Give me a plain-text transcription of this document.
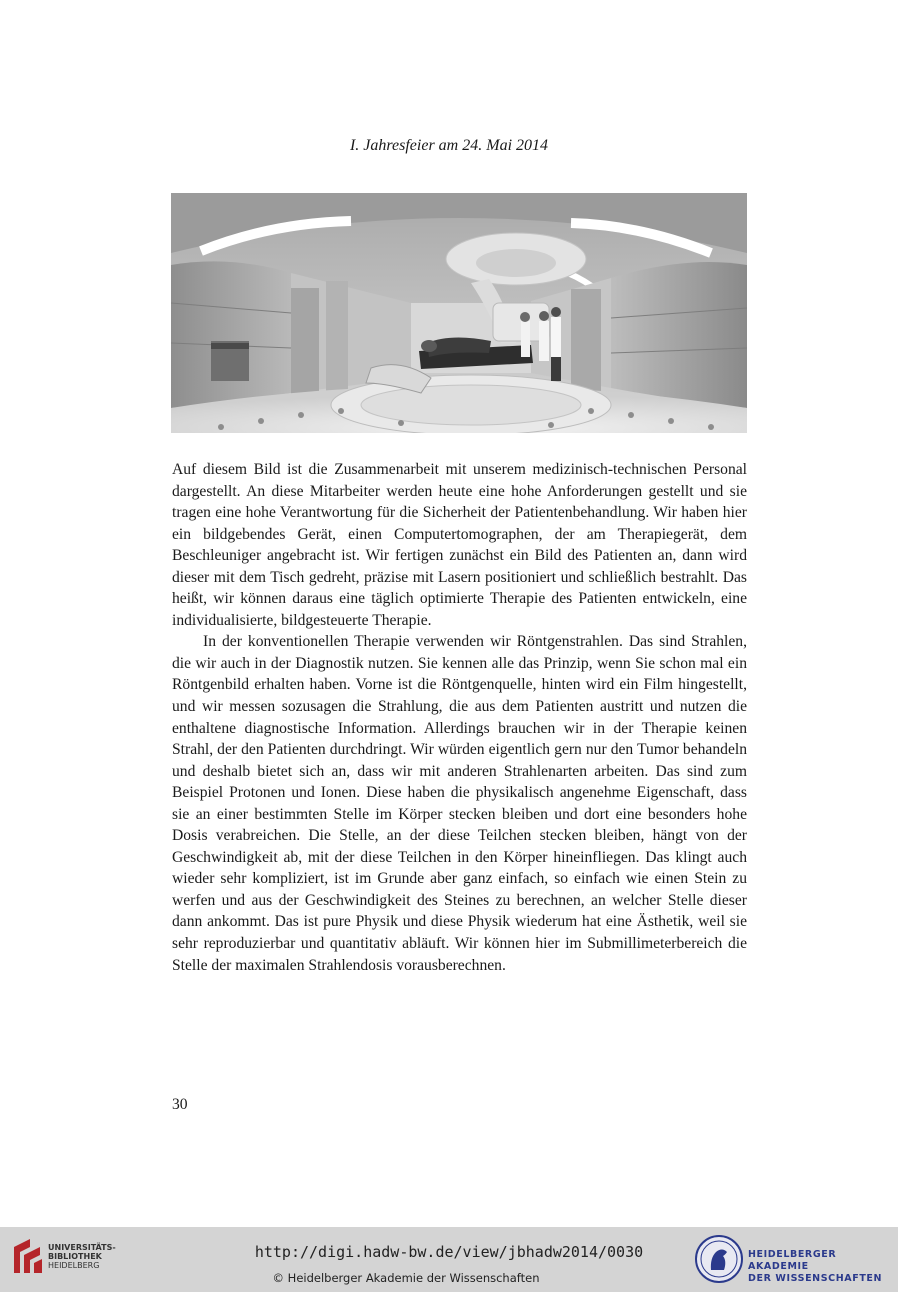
I. Jahresfeier am 24. Mai 2014

Auf diesem Bild ist die Zusammenarbeit mit unserem medizinisch-technischen Personal dargestellt. An diese Mitarbeiter werden heute eine hohe Anforderungen gestellt und sie tragen eine hohe Verantwortung für die Sicherheit der Patientenbehandlung. Wir haben hier ein bildgebendes Gerät, einen Computertomographen, der am Therapiegerät, dem Beschleuniger angebracht ist. Wir fertigen zunächst ein Bild des Patienten an, dann wird dieser mit dem Tisch gedreht, präzise mit Lasern positioniert und schließlich bestrahlt. Das heißt, wir können daraus eine täglich optimierte Therapie des Patienten entwickeln, eine individualisierte, bildgesteuerte Therapie.

In der konventionellen Therapie verwenden wir Röntgenstrahlen. Das sind Strahlen, die wir auch in der Diagnostik nutzen. Sie kennen alle das Prinzip, wenn Sie schon mal ein Röntgenbild erhalten haben. Vorne ist die Röntgenquelle, hinten wird ein Film hingestellt, und wir messen sozusagen die Strahlung, die aus dem Patienten austritt und nutzen die enthaltene diagnostische Information. Allerdings brauchen wir in der Therapie keinen Strahl, der den Patienten durchdringt. Wir würden eigentlich gern nur den Tumor behandeln und deshalb bietet sich an, dass wir mit anderen Strahlenarten arbeiten. Das sind zum Beispiel Protonen und Ionen. Diese haben die physikalisch angenehme Eigenschaft, dass sie an einer bestimmten Stelle im Körper stecken bleiben und dort eine besonders hohe Dosis verabreichen. Die Stelle, an der diese Teilchen stecken bleiben, hängt von der Geschwindigkeit ab, mit der diese Teilchen in den Körper hineinfliegen. Das klingt auch wieder sehr kompliziert, ist im Grunde aber ganz einfach, so einfach wie einen Stein zu werfen und aus der Geschwindigkeit des Steines zu berechnen, an welcher Stelle dieser dann ankommt. Das ist pure Physik und diese Physik wiederum hat eine Ästhetik, weil sie sehr reproduzierbar und quantitativ abläuft. Wir können hier im Submillimeterbereich die Stelle der maximalen Strahlendosis vorausberechnen.

30
UNIVERSITÄTS-
BIBLIOTHEK
HEIDELBERG
http://digi.hadw-bw.de/view/jbhadw2014/0030
© Heidelberger Akademie der Wissenschaften
HEIDELBERGER AKADEMIE
DER WISSENSCHAFTEN
